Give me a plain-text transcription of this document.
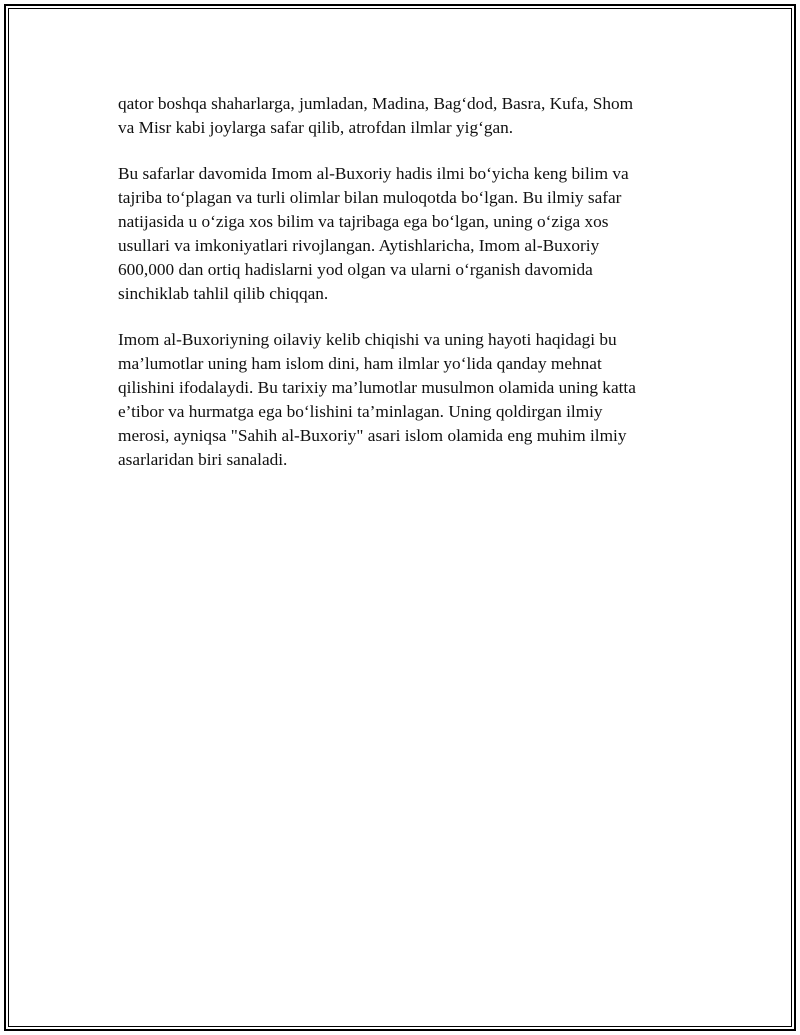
qator boshqa shaharlarga, jumladan, Madina, Bag‘dod, Basra, Kufa, Shom
va Misr kabi joylarga safar qilib, atrofdan ilmlar yig‘gan.

Bu safarlar davomida Imom al-Buxoriy hadis ilmi bo‘yicha keng bilim va
tajriba to‘plagan va turli olimlar bilan muloqotda bo‘lgan. Bu ilmiy safar
natijasida u o‘ziga xos bilim va tajribaga ega bo‘lgan, uning o‘ziga xos
usullari va imkoniyatlari rivojlangan. Aytishlaricha, Imom al-Buxoriy
600,000 dan ortiq hadislarni yod olgan va ularni o‘rganish davomida
sinchiklab tahlil qilib chiqqan.

Imom al-Buxoriyning oilaviy kelib chiqishi va uning hayoti haqidagi bu
ma’lumotlar uning ham islom dini, ham ilmlar yo‘lida qanday mehnat
qilishini ifodalaydi. Bu tarixiy ma’lumotlar musulmon olamida uning katta
e’tibor va hurmatga ega bo‘lishini ta’minlagan. Uning qoldirgan ilmiy
merosi, ayniqsa "Sahih al-Buxoriy" asari islom olamida eng muhim ilmiy
asarlaridan biri sanaladi.
